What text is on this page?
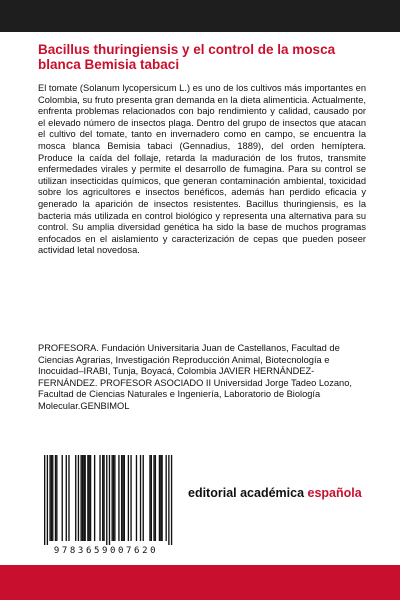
Bacillus thuringiensis y el control de la mosca blanca Bemisia tabaci

El tomate (Solanum lycopersicum L.) es uno de los cultivos más importantes en Colombia, su fruto presenta gran demanda en la dieta alimenticia. Actualmente, enfrenta problemas relacionados con bajo rendimiento y calidad, causado por el elevado número de insectos plaga. Dentro del grupo de insectos que atacan el cultivo del tomate, tanto en invernadero como en campo, se encuentra la mosca blanca Bemisia tabaci (Gennadius, 1889), del orden hemíptera. Produce la caída del follaje, retarda la maduración de los frutos, transmite enfermedades virales y permite el desarrollo de fumagina. Para su control se utilizan insecticidas químicos, que generan contaminación ambiental, toxicidad sobre los agricultores e insectos benéficos, además han perdido eficacia y generado la aparición de insectos resistentes. Bacillus thuringiensis, es la bacteria más utilizada en control biológico y representa una alternativa para su control. Su amplia diversidad genética ha sido la base de muchos programas enfocados en el aislamiento y caracterización de cepas que pueden poseer actividad letal novedosa.

PROFESORA. Fundación Universitaria Juan de Castellanos, Facultad de Ciencias Agrarias, Investigación Reproducción Animal, Biotecnología e Inocuidad–IRABI, Tunja, Boyacá, Colombia JAVIER HERNÁNDEZ-FERNÁNDEZ. PROFESOR ASOCIADO II Universidad Jorge Tadeo Lozano, Facultad de Ciencias Naturales e Ingeniería, Laboratorio de Biología Molecular.GENBIMOL

9783659007620
editorial académica española
